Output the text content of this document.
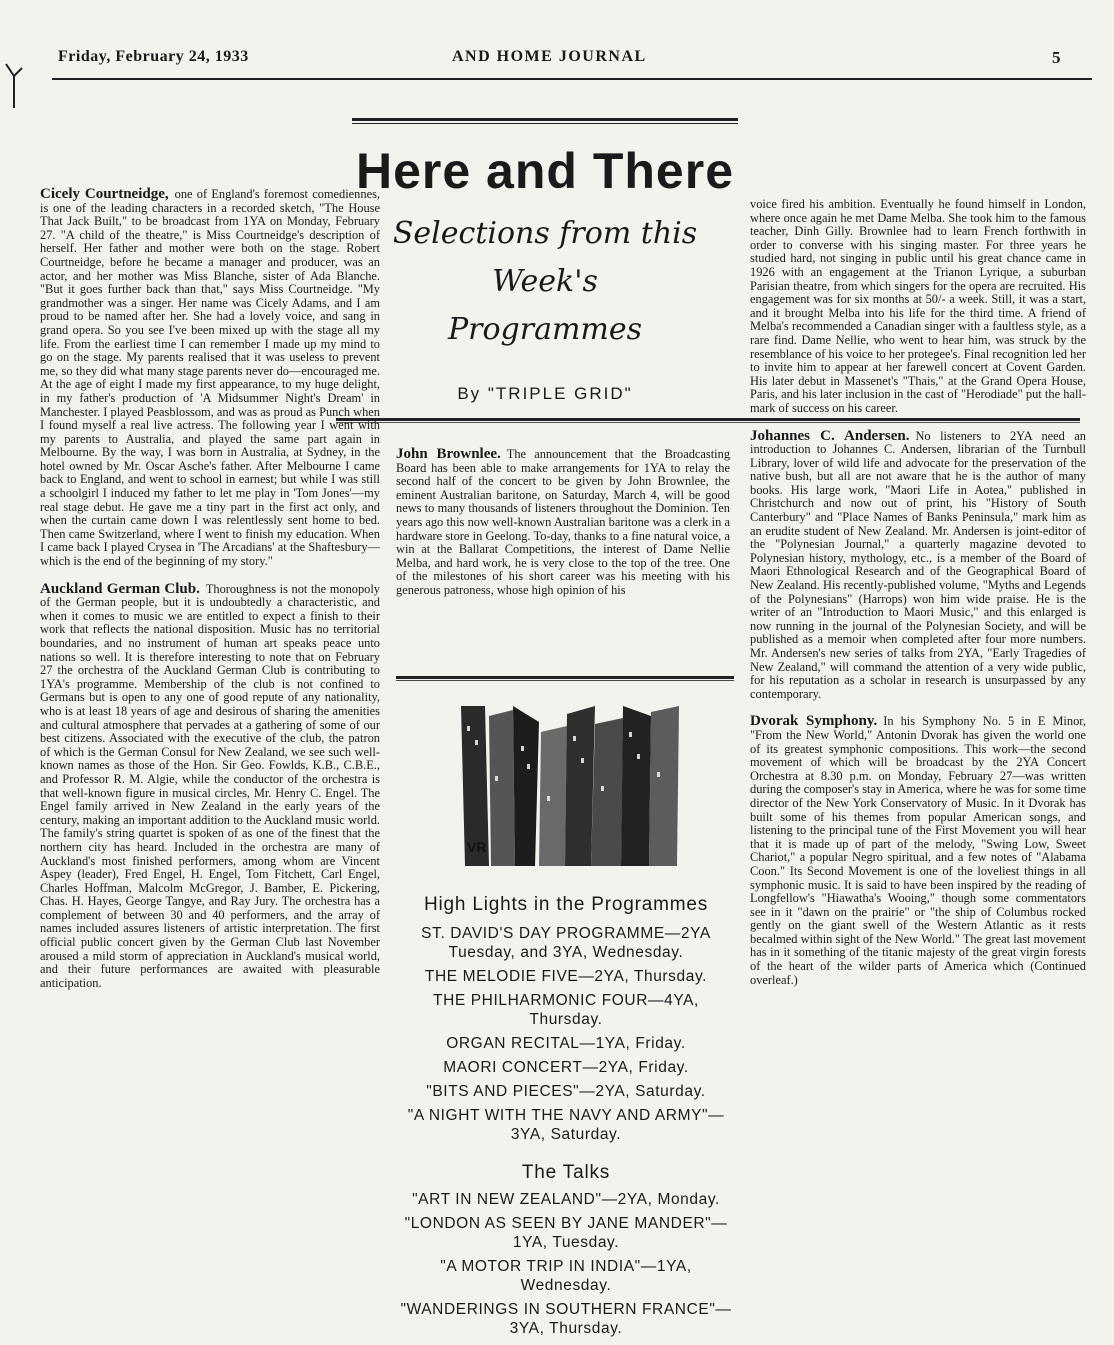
Friday, February 24, 1933	AND HOME JOURNAL	5
Here and There
Selections from this Week's
Programmes
By "TRIPLE GRID"

Cicely Courtneidge, one of England's foremost comediennes, is one of the leading characters in a recorded sketch, "The House That Jack Built," to be broadcast from 1YA on Monday, February 27. "A child of the theatre," is Miss Courtneidge's description of herself. Her father and mother were both on the stage. Robert Courtneidge, before he became a manager and producer, was an actor, and her mother was Miss Blanche, sister of Ada Blanche. "But it goes further back than that," says Miss Courtneidge. "My grandmother was a singer. Her name was Cicely Adams, and I am proud to be named after her. She had a lovely voice, and sang in grand opera. So you see I've been mixed up with the stage all my life. From the earliest time I can remember I made up my mind to go on the stage. My parents realised that it was useless to prevent me, so they did what many stage parents never do—encouraged me. At the age of eight I made my first appearance, to my huge delight, in my father's production of 'A Midsummer Night's Dream' in Manchester. I played Peasblossom, and was as proud as Punch when I found myself a real live actress. The following year I went with my parents to Australia, and played the same part again in Melbourne. By the way, I was born in Australia, at Sydney, in the hotel owned by Mr. Oscar Asche's father. After Melbourne I came back to England, and went to school in earnest; but while I was still a schoolgirl I induced my father to let me play in 'Tom Jones'—my real stage debut. He gave me a tiny part in the first act only, and when the curtain came down I was relentlessly sent home to bed. Then came Switzerland, where I went to finish my education. When I came back I played Crysea in 'The Arcadians' at the Shaftesbury—which is the end of the beginning of my story."

Auckland German Club. Thoroughness is not the monopoly of the German people, but it is undoubtedly a characteristic, and when it comes to music we are entitled to expect a finish to their work that reflects the national disposition. Music has no territorial boundaries, and no instrument of human art speaks peace unto nations so well. It is therefore interesting to note that on February 27 the orchestra of the Auckland German Club is contributing to 1YA's programme. Membership of the club is not confined to Germans but is open to any one of good repute of any nationality, who is at least 18 years of age and desirous of sharing the amenities and cultural atmosphere that pervades at a gathering of some of our best citizens. Associated with the executive of the club, the patron of which is the German Consul for New Zealand, we see such well-known names as those of the Hon. Sir Geo. Fowlds, K.B., C.B.E., and Professor R. M. Algie, while the conductor of the orchestra is that well-known figure in musical circles, Mr. Henry C. Engel. The Engel family arrived in New Zealand in the early years of the century, making an important addition to the Auckland music world. The family's string quartet is spoken of as one of the finest that the northern city has heard. Included in the orchestra are many of Auckland's most finished performers, among whom are Vincent Aspey (leader), Fred Engel, H. Engel, Tom Fitchett, Carl Engel, Charles Hoffman, Malcolm McGregor, J. Bamber, E. Pickering, Chas. H. Hayes, George Tangye, and Ray Jury. The orchestra has a complement of between 30 and 40 performers, and the array of names included assures listeners of artistic interpretation. The first official public concert given by the German Club last November aroused a mild storm of appreciation in Auckland's musical world, and their future performances are awaited with pleasurable anticipation.

John Brownlee. The announcement that the Broadcasting Board has been able to make arrangements for 1YA to relay the second half of the concert to be given by John Brownlee, the eminent Australian baritone, on Saturday, March 4, will be good news to many thousands of listeners throughout the Dominion. Ten years ago this now well-known Australian baritone was a clerk in a hardware store in Geelong. To-day, thanks to a fine natural voice, a win at the Ballarat Competitions, the interest of Dame Nellie Melba, and hard work, he is very close to the top of the tree. One of the milestones of his short career was his meeting with his generous patroness, whose high opinion of his

VR
High Lights in the Programmes
ST. DAVID'S DAY PROGRAMME—2YA Tuesday, and 3YA, Wednesday.
THE MELODIE FIVE—2YA, Thursday.
THE PHILHARMONIC FOUR—4YA, Thursday.
ORGAN RECITAL—1YA, Friday.
MAORI CONCERT—2YA, Friday.
"BITS AND PIECES"—2YA, Saturday.
"A NIGHT WITH THE NAVY AND ARMY"—3YA, Saturday.
The Talks
"ART IN NEW ZEALAND"—2YA, Monday.
"LONDON AS SEEN BY JANE MANDER"—1YA, Tuesday.
"A MOTOR TRIP IN INDIA"—1YA, Wednesday.
"WANDERINGS IN SOUTHERN FRANCE"—3YA, Thursday.

voice fired his ambition. Eventually he found himself in London, where once again he met Dame Melba. She took him to the famous teacher, Dinh Gilly. Brownlee had to learn French forthwith in order to converse with his singing master. For three years he studied hard, not singing in public until his great chance came in 1926 with an engagement at the Trianon Lyrique, a suburban Parisian theatre, from which singers for the opera are recruited. His engagement was for six months at 50/- a week. Still, it was a start, and it brought Melba into his life for the third time. A friend of Melba's recommended a Canadian singer with a faultless style, as a rare find. Dame Nellie, who went to hear him, was struck by the resemblance of his voice to her protegee's. Final recognition led her to invite him to appear at her farewell concert at Covent Garden. His later debut in Massenet's "Thais," at the Grand Opera House, Paris, and his later inclusion in the cast of "Herodiade" put the hall-mark of success on his career.

Johannes C. Andersen. No listeners to 2YA need an introduction to Johannes C. Andersen, librarian of the Turnbull Library, lover of wild life and advocate for the preservation of the native bush, but all are not aware that he is the author of many books. His large work, "Maori Life in Aotea," published in Christchurch and now out of print, his "History of South Canterbury" and "Place Names of Banks Peninsula," mark him as an erudite student of New Zealand. Mr. Andersen is joint-editor of the "Polynesian Journal," a quarterly magazine devoted to Polynesian history, mythology, etc., is a member of the Board of Maori Ethnological Research and of the Geographical Board of New Zealand. His recently-published volume, "Myths and Legends of the Polynesians" (Harrops) won him wide praise. He is the writer of an "Introduction to Maori Music," and this enlarged is now running in the journal of the Polynesian Society, and will be published as a memoir when completed after four more numbers. Mr. Andersen's new series of talks from 2YA, "Early Tragedies of New Zealand," will command the attention of a very wide public, for his reputation as a scholar in research is unsurpassed by any contemporary.

Dvorak Symphony. In his Symphony No. 5 in E Minor, "From the New World," Antonin Dvorak has given the world one of its greatest symphonic compositions. This work—the second movement of which will be broadcast by the 2YA Concert Orchestra at 8.30 p.m. on Monday, February 27—was written during the composer's stay in America, where he was for some time director of the New York Conservatory of Music. In it Dvorak has built some of his themes from popular American songs, and listening to the principal tune of the First Movement you will hear that it is made up of part of the melody, "Swing Low, Sweet Chariot," a popular Negro spiritual, and a few notes of "Alabama Coon." Its Second Movement is one of the loveliest things in all symphonic music. It is said to have been inspired by the reading of Longfellow's "Hiawatha's Wooing," though some commentators see in it "dawn on the prairie" or "the ship of Columbus rocked gently on the giant swell of the Western Atlantic as it rests becalmed within sight of the New World." The great last movement has in it something of the titanic majesty of the great virgin forests of the heart of the wilder parts of America which (Continued overleaf.)
